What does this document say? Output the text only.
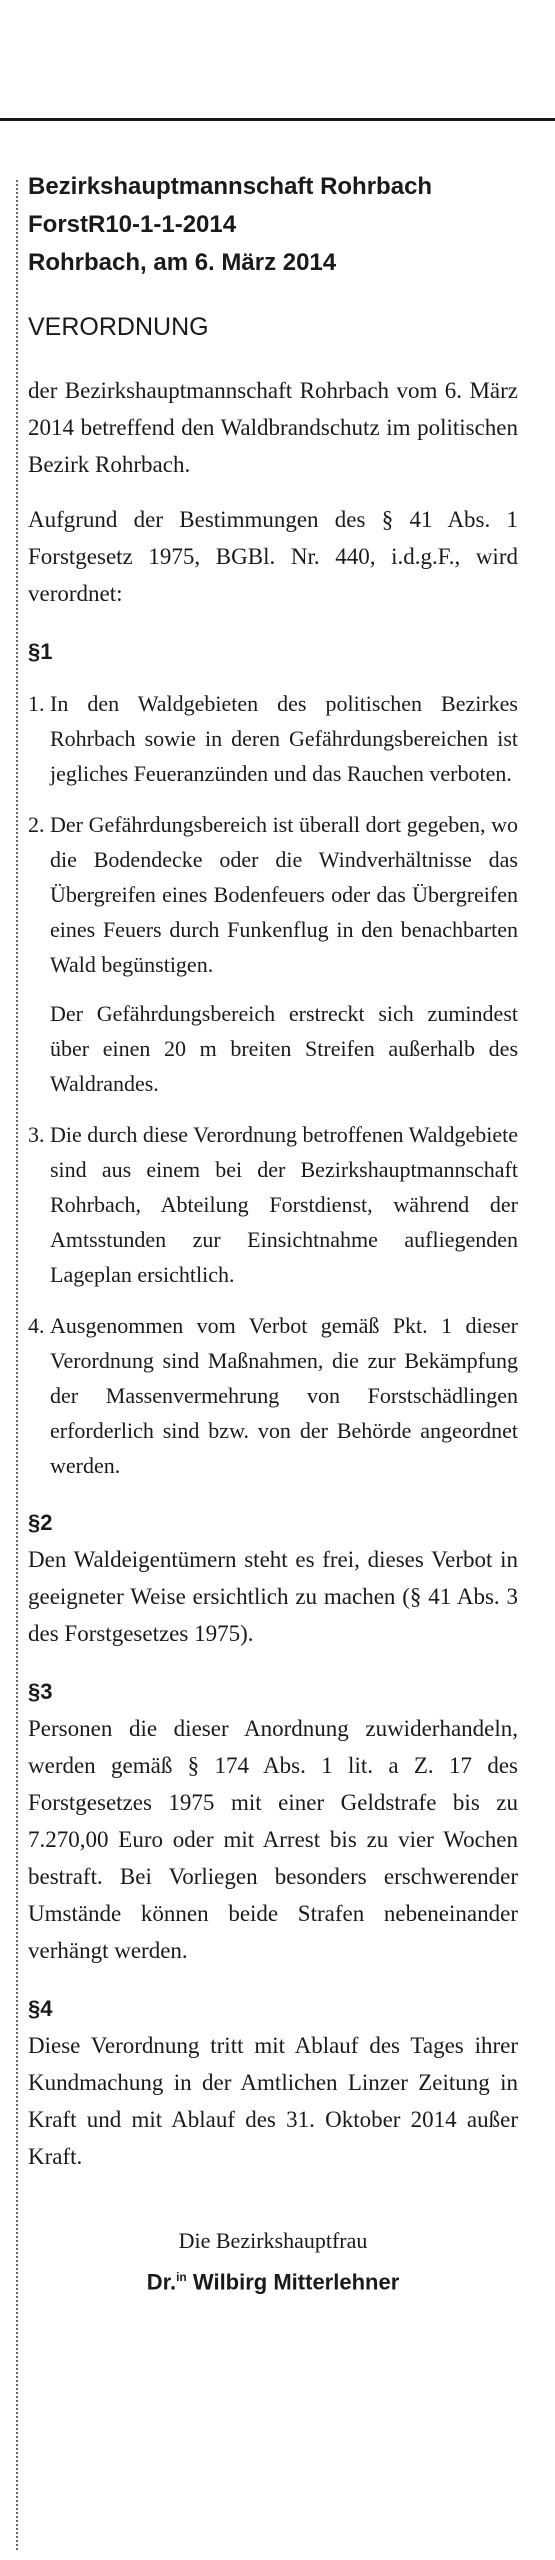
Bezirkshauptmannschaft Rohrbach
ForstR10-1-1-2014
Rohrbach, am 6. März 2014
VERORDNUNG
der Bezirkshauptmannschaft Rohrbach vom 6. März 2014 betreffend den Waldbrandschutz im politischen Bezirk Rohrbach.
Aufgrund der Bestimmungen des § 41 Abs. 1 Forstgesetz 1975, BGBl. Nr. 440, i.d.g.F., wird verordnet:
§1
1. In den Waldgebieten des politischen Bezirkes Rohrbach sowie in deren Gefährdungsbereichen ist jegliches Feueranzünden und das Rauchen verboten.
2. Der Gefährdungsbereich ist überall dort gegeben, wo die Bodendecke oder die Windverhältnisse das Übergreifen eines Bodenfeuers oder das Übergreifen eines Feuers durch Funkenflug in den benachbarten Wald begünstigen.
Der Gefährdungsbereich erstreckt sich zumindest über einen 20 m breiten Streifen außerhalb des Waldrandes.
3. Die durch diese Verordnung betroffenen Waldgebiete sind aus einem bei der Bezirkshauptmannschaft Rohrbach, Abteilung Forstdienst, während der Amtsstunden zur Einsichtnahme aufliegenden Lageplan ersichtlich.
4. Ausgenommen vom Verbot gemäß Pkt. 1 dieser Verordnung sind Maßnahmen, die zur Bekämpfung der Massenvermehrung von Forstschädlingen erforderlich sind bzw. von der Behörde angeordnet werden.
§2
Den Waldeigentümern steht es frei, dieses Verbot in geeigneter Weise ersichtlich zu machen (§ 41 Abs. 3 des Forstgesetzes 1975).
§3
Personen die dieser Anordnung zuwiderhandeln, werden gemäß § 174 Abs. 1 lit. a Z. 17 des Forstgesetzes 1975 mit einer Geldstrafe bis zu 7.270,00 Euro oder mit Arrest bis zu vier Wochen bestraft. Bei Vorliegen besonders erschwerender Umstände können beide Strafen nebeneinander verhängt werden.
§4
Diese Verordnung tritt mit Ablauf des Tages ihrer Kundmachung in der Amtlichen Linzer Zeitung in Kraft und mit Ablauf des 31. Oktober 2014 außer Kraft.
Die Bezirkshauptfrau
Dr.$^{in}$ Wilbirg Mitterlehner
